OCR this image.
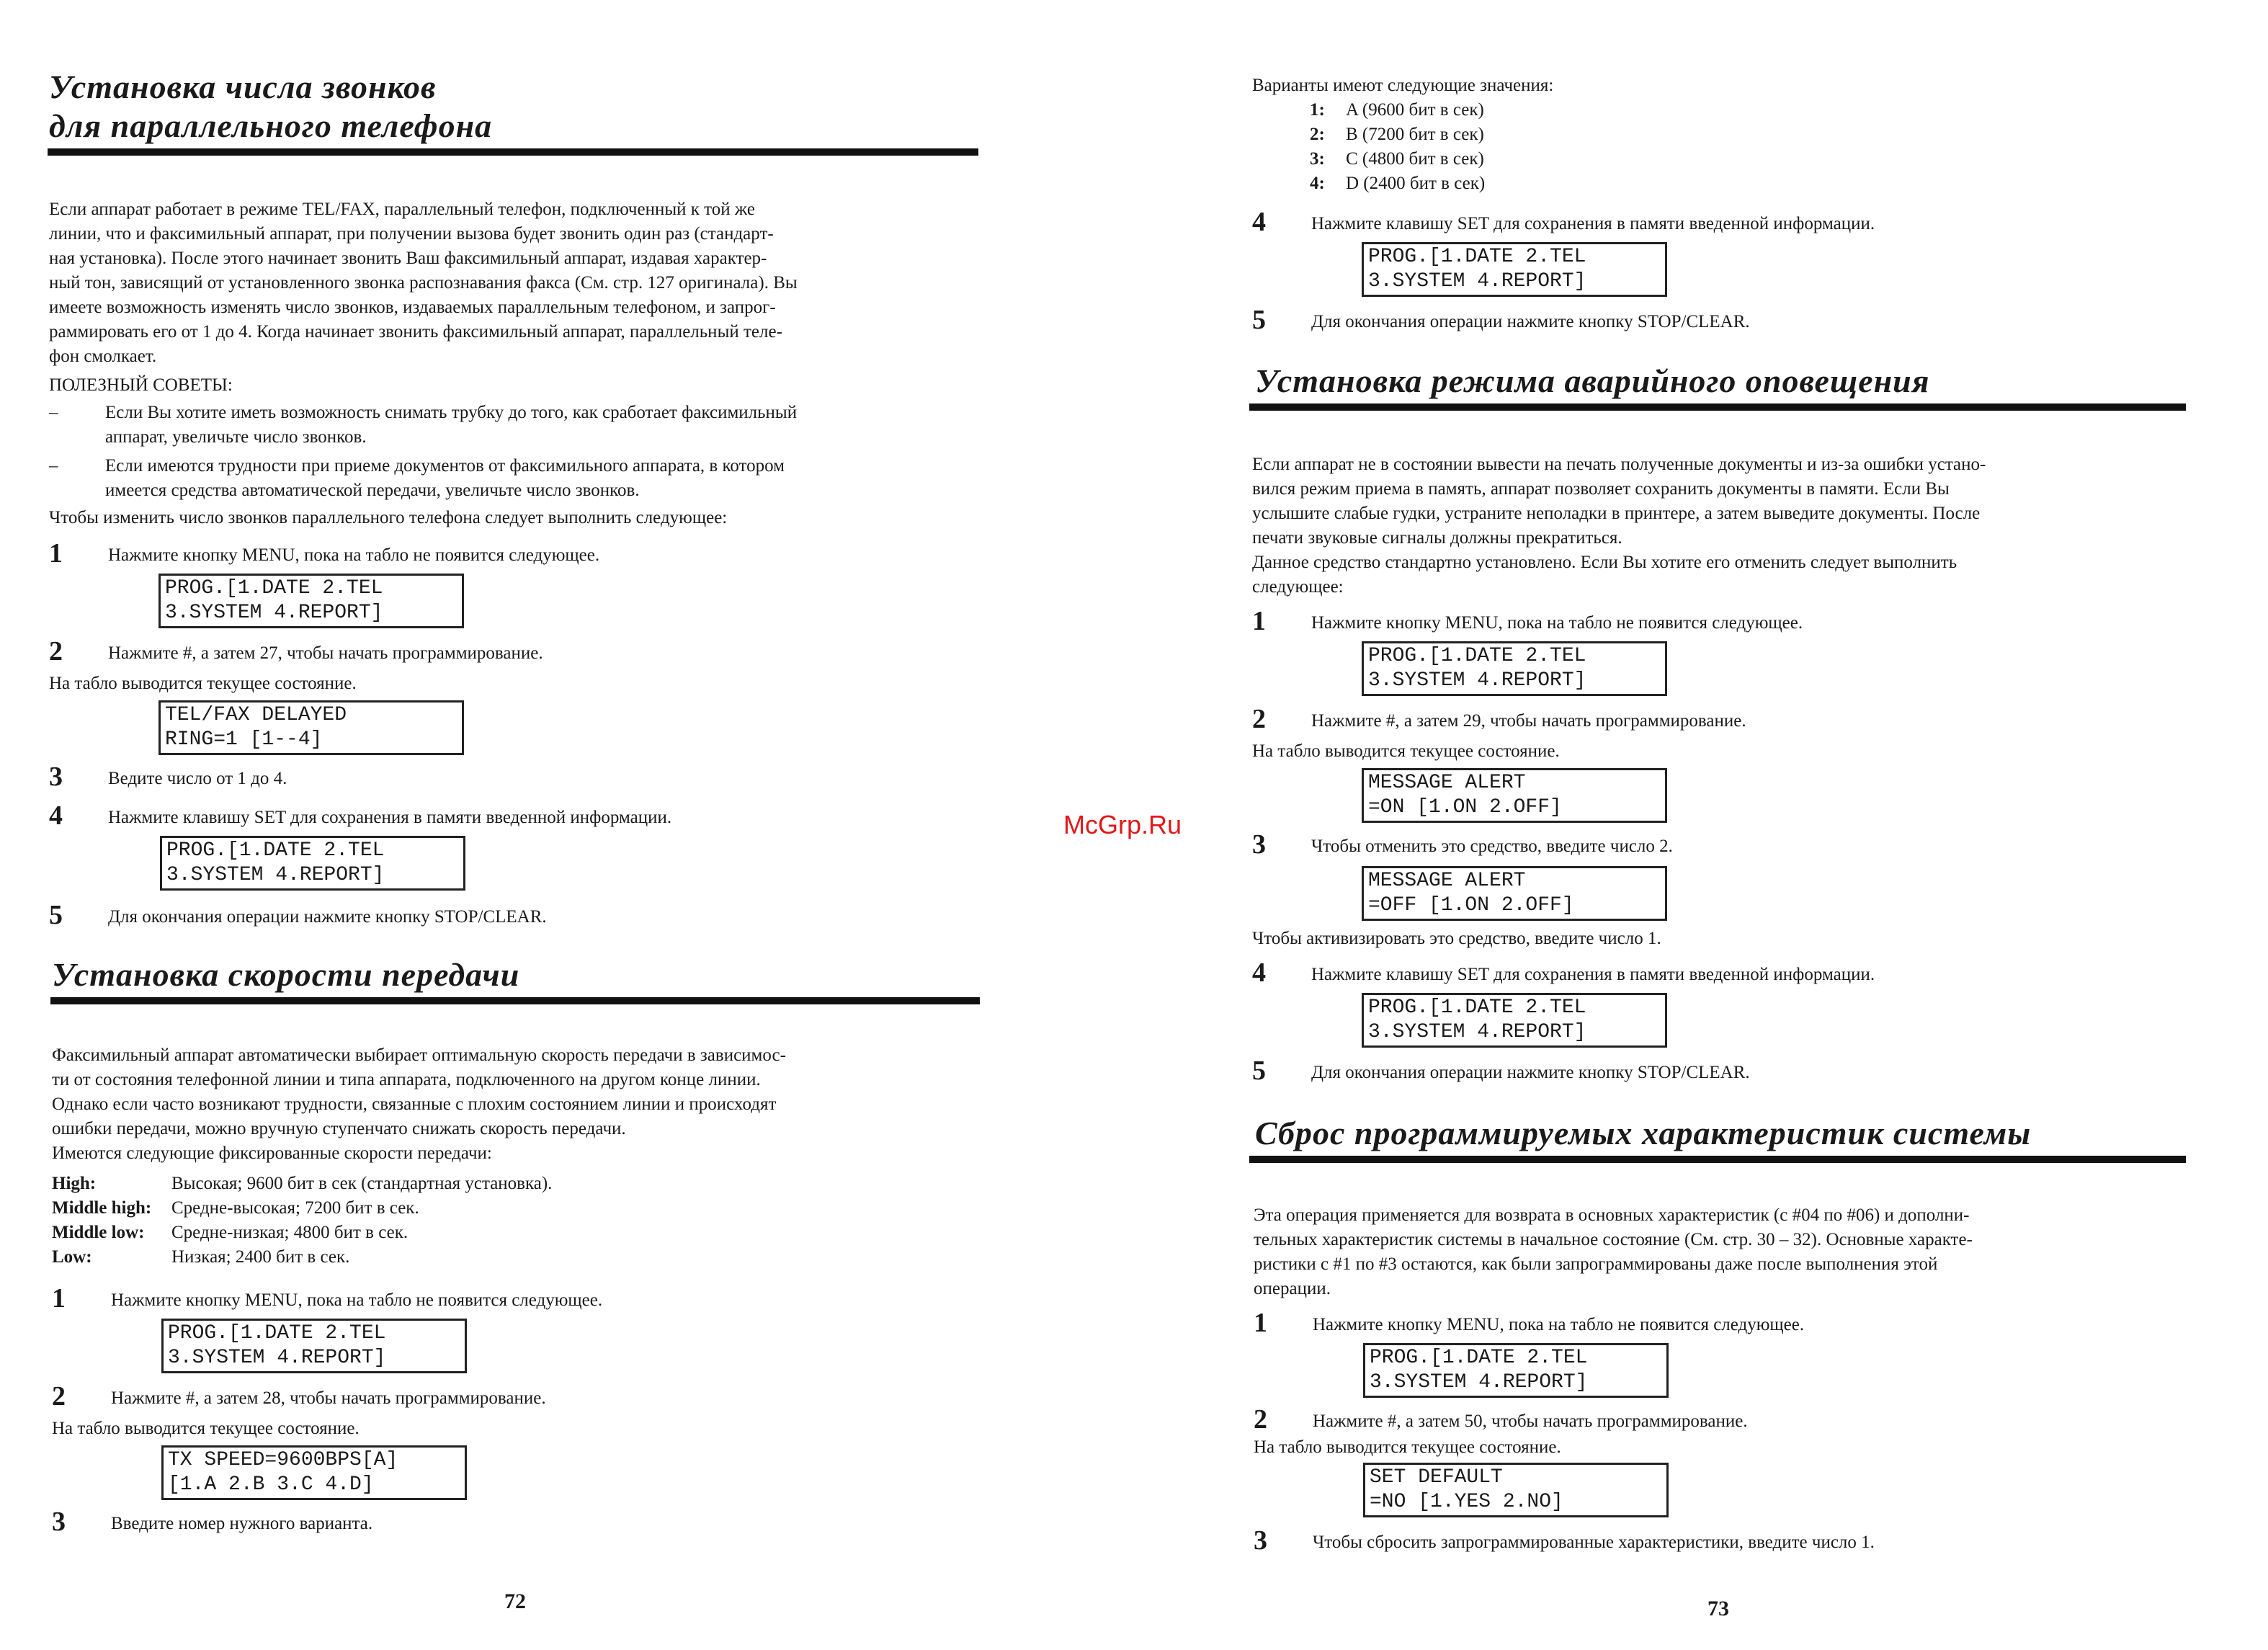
Установка числа звонков
для параллельного телефона
Если аппарат работает в режиме TEL/FAX, параллельный телефон, подключенный к той же
линии, что и факсимильный аппарат, при получении вызова будет звонить один раз (стандарт-
ная установка). После этого начинает звонить Ваш факсимильный аппарат, издавая характер-
ный тон, зависящий от установленного звонка распознавания факса (См. стр. 127 оригинала). Вы
имеете возможность изменять число звонков, издаваемых параллельным телефоном, и запрог-
раммировать его от 1 до 4. Когда начинает звонить факсимильный аппарат, параллельный теле-
фон смолкает.
ПОЛЕЗНЫЙ СОВЕТЫ:
–	Если Вы хотите иметь возможность снимать трубку до того, как сработает факсимильный
аппарат, увеличьте число звонков.
–	Если имеются трудности при приеме документов от факсимильного аппарата, в котором
имеется средства автоматической передачи, увеличьте число звонков.
Чтобы изменить число звонков параллельного телефона следует выполнить следующее:
1	Нажмите кнопку MENU, пока на табло не появится следующее.
PROG.[1.DATE 2.TEL
3.SYSTEM 4.REPORT]
2	Нажмите #, а затем 27, чтобы начать программирование.
На табло выводится текущее состояние.
TEL/FAX DELAYED
RING=1 [1--4]
3	Ведите число от 1 до 4.
4	Нажмите клавишу SET для сохранения в памяти введенной информации.
PROG.[1.DATE 2.TEL
3.SYSTEM 4.REPORT]
5	Для окончания операции нажмите кнопку STOP/CLEAR.
Установка скорости передачи
Факсимильный аппарат автоматически выбирает оптимальную скорость передачи в зависимос-
ти от состояния телефонной линии и типа аппарата, подключенного на другом конце линии.
Однако если часто возникают трудности, связанные с плохим состоянием линии и происходят
ошибки передачи, можно вручную ступенчато снижать скорость передачи.
Имеются следующие фиксированные скорости передачи:
High:	Высокая; 9600 бит в сек (стандартная установка).
Middle high: Средне-высокая; 7200 бит в сек.
Middle low: Средне-низкая; 4800 бит в сек.
Low:	Низкая; 2400 бит в сек.
1	Нажмите кнопку MENU, пока на табло не появится следующее.
PROG.[1.DATE 2.TEL
3.SYSTEM 4.REPORT]
2	Нажмите #, а затем 28, чтобы начать программирование.
На табло выводится текущее состояние.
TX SPEED=9600BPS[A]
[1.A 2.B 3.C 4.D]
3	Введите номер нужного варианта.
72
McGrp.Ru
Варианты имеют следующие значения:
1: A (9600 бит в сек)
2: B (7200 бит в сек)
3: C (4800 бит в сек)
4: D (2400 бит в сек)
4	Нажмите клавишу SET для сохранения в памяти введенной информации.
PROG.[1.DATE 2.TEL
3.SYSTEM 4.REPORT]
5	Для окончания операции нажмите кнопку STOP/CLEAR.
Установка режима аварийного оповещения
Если аппарат не в состоянии вывести на печать полученные документы и из-за ошибки устано-
вился режим приема в память, аппарат позволяет сохранить документы в памяти. Если Вы
услышите слабые гудки, устраните неполадки в принтере, а затем выведите документы. После
печати звуковые сигналы должны прекратиться.
Данное средство стандартно установлено. Если Вы хотите его отменить следует выполнить
следующее:
1	Нажмите кнопку MENU, пока на табло не появится следующее.
PROG.[1.DATE 2.TEL
3.SYSTEM 4.REPORT]
2	Нажмите #, а затем 29, чтобы начать программирование.
На табло выводится текущее состояние.
MESSAGE ALERT
=ON [1.ON 2.OFF]
3	Чтобы отменить это средство, введите число 2.
MESSAGE ALERT
=OFF [1.ON 2.OFF]
Чтобы активизировать это средство, введите число 1.
4	Нажмите клавишу SET для сохранения в памяти введенной информации.
PROG.[1.DATE 2.TEL
3.SYSTEM 4.REPORT]
5	Для окончания операции нажмите кнопку STOP/CLEAR.
Сброс программируемых характеристик системы
Эта операция применяется для возврата в основных характеристик (с #04 по #06) и дополни-
тельных характеристик системы в начальное состояние (См. стр. 30 – 32). Основные характе-
ристики с #1 по #3 остаются, как были запрограммированы даже после выполнения этой
операции.
1	Нажмите кнопку MENU, пока на табло не появится следующее.
PROG.[1.DATE 2.TEL
3.SYSTEM 4.REPORT]
2	Нажмите #, а затем 50, чтобы начать программирование.
На табло выводится текущее состояние.
SET DEFAULT
=NO [1.YES 2.NO]
3	Чтобы сбросить запрограммированные характеристики, введите число 1.
73
